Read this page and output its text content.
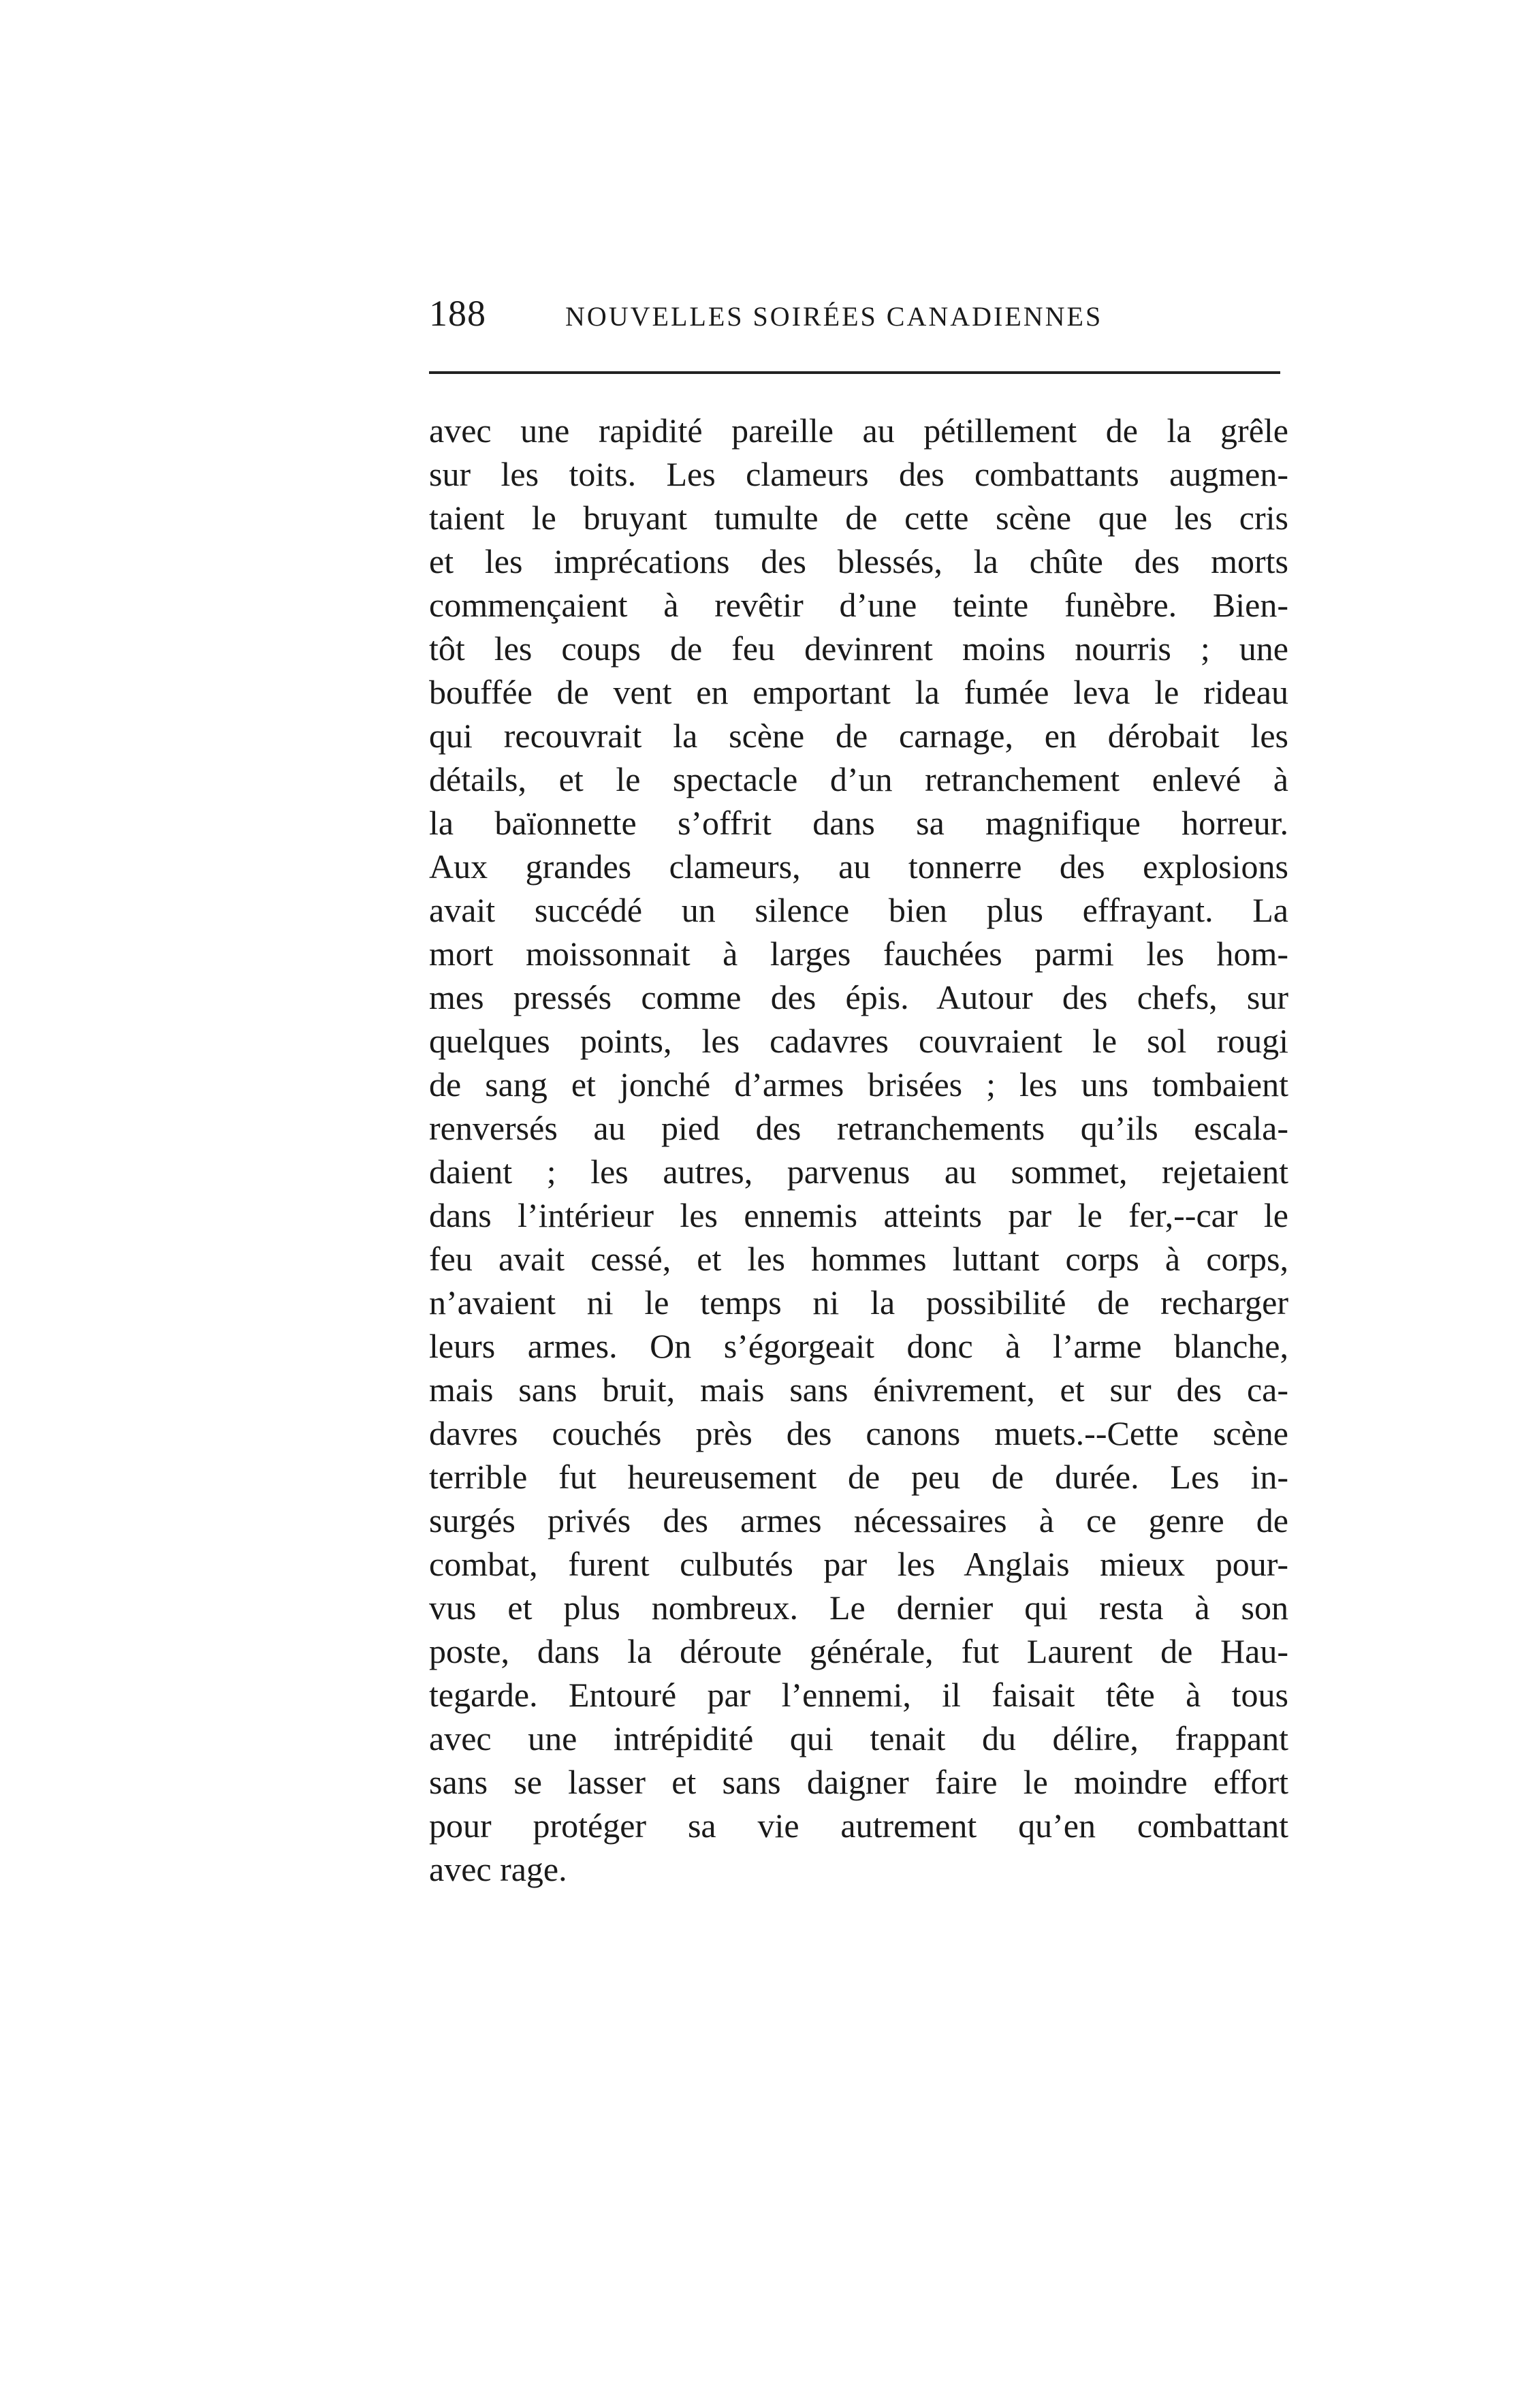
188	NOUVELLES SOIRÉES CANADIENNES
avec une rapidité pareille au pétillement de la grêle
sur les toits. Les clameurs des combattants augmen-
taient le bruyant tumulte de cette scène que les cris
et les imprécations des blessés, la chûte des morts
commençaient à revêtir d’une teinte funèbre. Bien-
tôt les coups de feu devinrent moins nourris ; une
bouffée de vent en emportant la fumée leva le rideau
qui recouvrait la scène de carnage, en dérobait les
détails, et le spectacle d’un retranchement enlevé à
la baïonnette s’offrit dans sa magnifique horreur.
Aux grandes clameurs, au tonnerre des explosions
avait succédé un silence bien plus effrayant. La
mort moissonnait à larges fauchées parmi les hom-
mes pressés comme des épis. Autour des chefs, sur
quelques points, les cadavres couvraient le sol rougi
de sang et jonché d’armes brisées ; les uns tombaient
renversés au pied des retranchements qu’ils escala-
daient ; les autres, parvenus au sommet, rejetaient
dans l’intérieur les ennemis atteints par le fer,--car le
feu avait cessé, et les hommes luttant corps à corps,
n’avaient ni le temps ni la possibilité de recharger
leurs armes. On s’égorgeait donc à l’arme blanche,
mais sans bruit, mais sans énivrement, et sur des ca-
davres couchés près des canons muets.--Cette scène
terrible fut heureusement de peu de durée. Les in-
surgés privés des armes nécessaires à ce genre de
combat, furent culbutés par les Anglais mieux pour-
vus et plus nombreux. Le dernier qui resta à son
poste, dans la déroute générale, fut Laurent de Hau-
tegarde. Entouré par l’ennemi, il faisait tête à tous
avec une intrépidité qui tenait du délire, frappant
sans se lasser et sans daigner faire le moindre effort
pour protéger sa vie autrement qu’en combattant
avec rage.
